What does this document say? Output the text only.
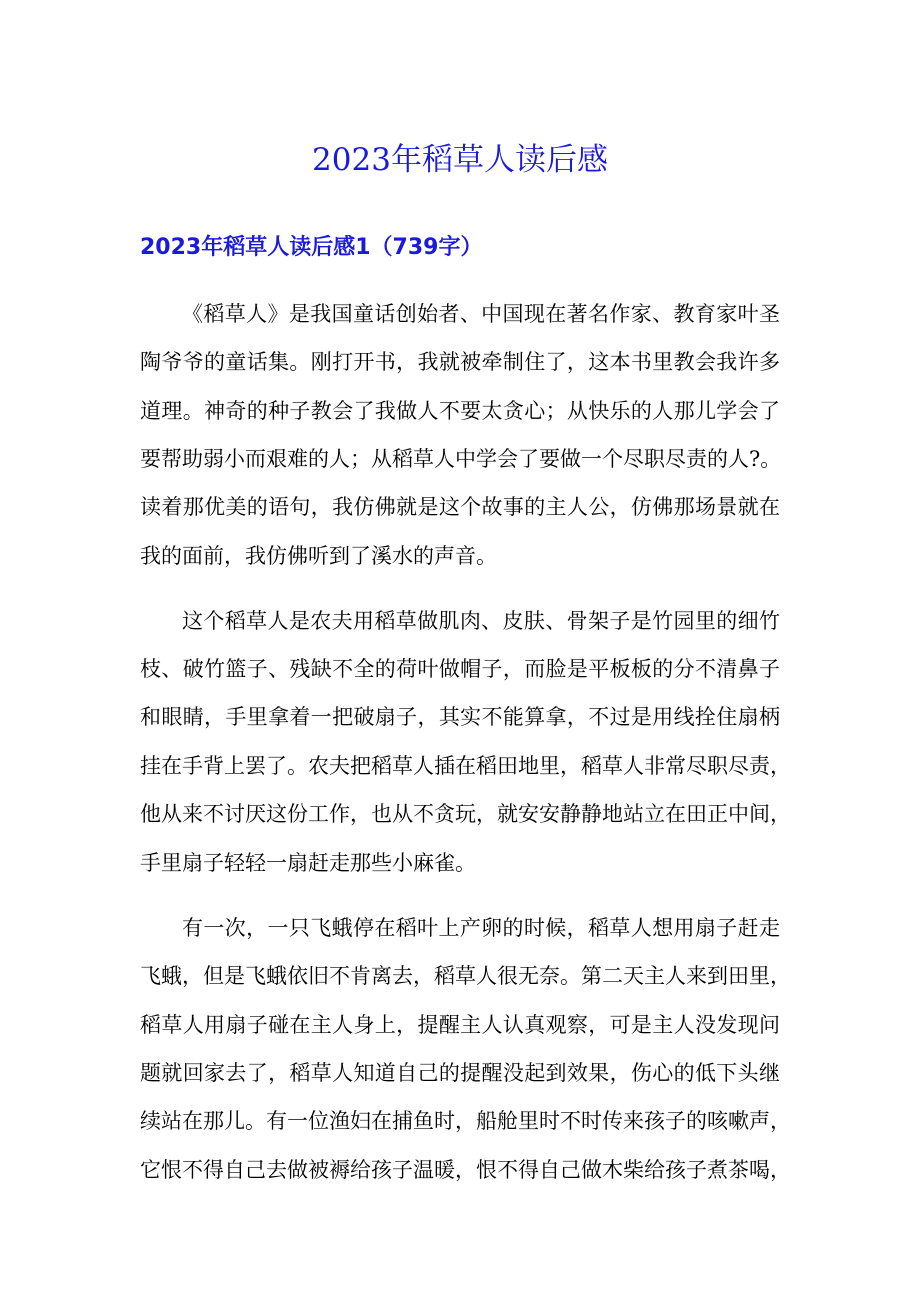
2023年稻草人读后感
2023年稻草人读后感1（739字）

《稻草人》是我国童话创始者、中国现在著名作家、教育家叶圣

陶爷爷的童话集。刚打开书，我就被牵制住了，这本书里教会我许多

道理。神奇的种子教会了我做人不要太贪心；从快乐的人那儿学会了

要帮助弱小而艰难的人；从稻草人中学会了要做一个尽职尽责的人?。

读着那优美的语句，我仿佛就是这个故事的主人公，仿佛那场景就在

我的面前，我仿佛听到了溪水的声音。

这个稻草人是农夫用稻草做肌肉、皮肤、骨架子是竹园里的细竹

枝、破竹篮子、残缺不全的荷叶做帽子，而脸是平板板的分不清鼻子

和眼睛，手里拿着一把破扇子，其实不能算拿，不过是用线拴住扇柄

挂在手背上罢了。农夫把稻草人插在稻田地里，稻草人非常尽职尽责，

他从来不讨厌这份工作，也从不贪玩，就安安静静地站立在田正中间，

手里扇子轻轻一扇赶走那些小麻雀。

有一次，一只飞蛾停在稻叶上产卵的时候，稻草人想用扇子赶走

飞蛾，但是飞蛾依旧不肯离去，稻草人很无奈。第二天主人来到田里，

稻草人用扇子碰在主人身上，提醒主人认真观察，可是主人没发现问

题就回家去了，稻草人知道自己的提醒没起到效果，伤心的低下头继

续站在那儿。有一位渔妇在捕鱼时，船舱里时不时传来孩子的咳嗽声，

它恨不得自己去做被褥给孩子温暖，恨不得自己做木柴给孩子煮茶喝，
